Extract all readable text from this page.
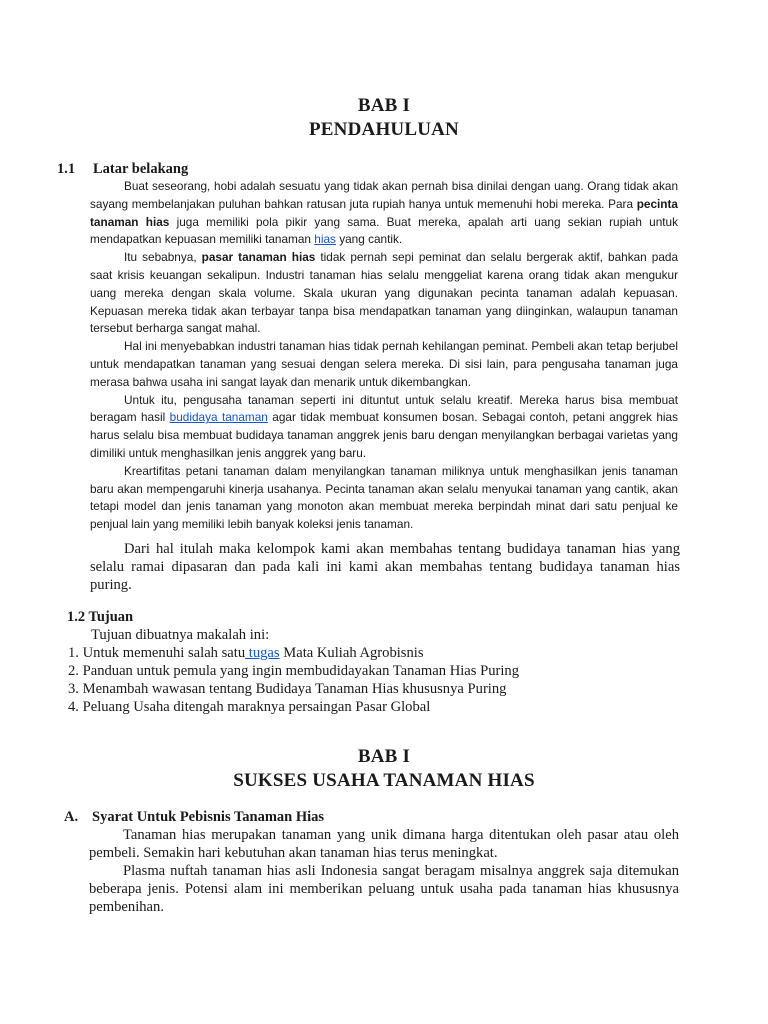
BAB I
PENDAHULUAN
1.1 Latar belakang

Buat seseorang, hobi adalah sesuatu yang tidak akan pernah bisa dinilai dengan uang. Orang tidak akan sayang membelanjakan puluhan bahkan ratusan juta rupiah hanya untuk memenuhi hobi mereka. Para pecinta tanaman hias juga memiliki pola pikir yang sama. Buat mereka, apalah arti uang sekian rupiah untuk mendapatkan kepuasan memiliki tanaman hias yang cantik.

Itu sebabnya, pasar tanaman hias tidak pernah sepi peminat dan selalu bergerak aktif, bahkan pada saat krisis keuangan sekalipun. Industri tanaman hias selalu menggeliat karena orang tidak akan mengukur uang mereka dengan skala volume. Skala ukuran yang digunakan pecinta tanaman adalah kepuasan. Kepuasan mereka tidak akan terbayar tanpa bisa mendapatkan tanaman yang diinginkan, walaupun tanaman tersebut berharga sangat mahal.

Hal ini menyebabkan industri tanaman hias tidak pernah kehilangan peminat. Pembeli akan tetap berjubel untuk mendapatkan tanaman yang sesuai dengan selera mereka. Di sisi lain, para pengusaha tanaman juga merasa bahwa usaha ini sangat layak dan menarik untuk dikembangkan.

Untuk itu, pengusaha tanaman seperti ini dituntut untuk selalu kreatif. Mereka harus bisa membuat beragam hasil budidaya tanaman agar tidak membuat konsumen bosan. Sebagai contoh, petani anggrek hias harus selalu bisa membuat budidaya tanaman anggrek jenis baru dengan menyilangkan berbagai varietas yang dimiliki untuk menghasilkan jenis anggrek yang baru.

Kreartifitas petani tanaman dalam menyilangkan tanaman miliknya untuk menghasilkan jenis tanaman baru akan mempengaruhi kinerja usahanya. Pecinta tanaman akan selalu menyukai tanaman yang cantik, akan tetapi model dan jenis tanaman yang monoton akan membuat mereka berpindah minat dari satu penjual ke penjual lain yang memiliki lebih banyak koleksi jenis tanaman.

Dari hal itulah maka kelompok kami akan membahas tentang budidaya tanaman hias yang selalu ramai dipasaran dan pada kali ini kami akan membahas tentang budidaya tanaman hias puring.

1.2 Tujuan
Tujuan dibuatnya makalah ini:
1. Untuk memenuhi salah satu tugas Mata Kuliah Agrobisnis
2. Panduan untuk pemula yang ingin membudidayakan Tanaman Hias Puring
3. Menambah wawasan tentang Budidaya Tanaman Hias khususnya Puring
4. Peluang Usaha ditengah maraknya persaingan Pasar Global
BAB I
SUKSES USAHA TANAMAN HIAS
A. Syarat Untuk Pebisnis Tanaman Hias

Tanaman hias merupakan tanaman yang unik dimana harga ditentukan oleh pasar atau oleh pembeli. Semakin hari kebutuhan akan tanaman hias terus meningkat.

Plasma nuftah tanaman hias asli Indonesia sangat beragam misalnya anggrek saja ditemukan beberapa jenis. Potensi alam ini memberikan peluang untuk usaha pada tanaman hias khususnya pembenihan.
